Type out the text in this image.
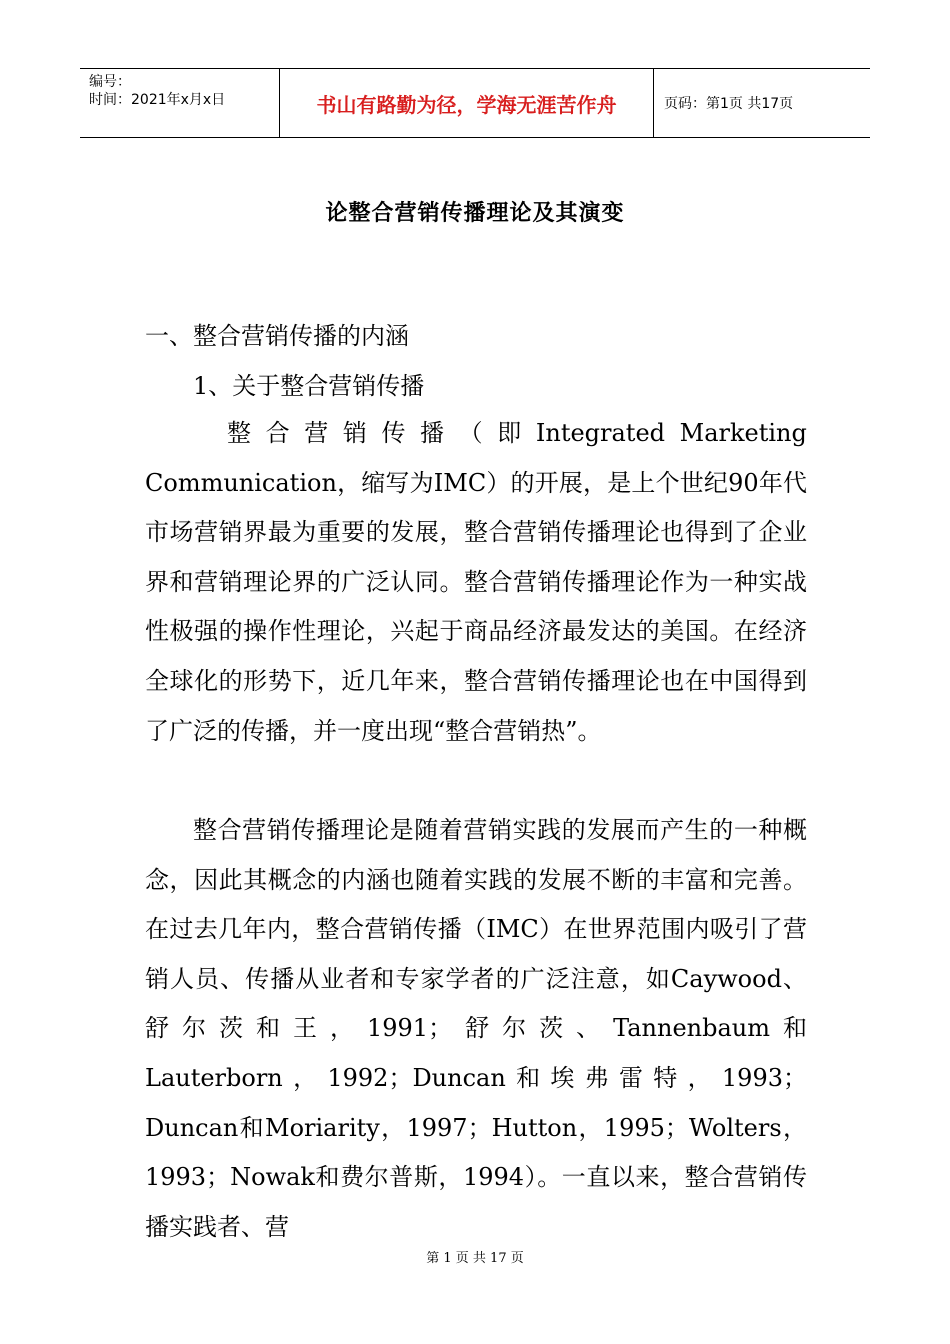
编号：
时间：2021年x月x日	书山有路勤为径，学海无涯苦作舟	页码：第1页 共17页
论整合营销传播理论及其演变
一、整合营销传播的内涵
1、关于整合营销传播
整 合 营 销 传 播 （ 即 Integrated Marketing
Communication，缩写为IMC）的开展，是上个世纪90年代市场营销界最为重要的发展，整合营销传播理论也得到了企业界和营销理论界的广泛认同。整合营销传播理论作为一种实战性极强的操作性理论，兴起于商品经济最发达的美国。在经济全球化的形势下，近几年来，整合营销传播理论也在中国得到了广泛的传播，并一度出现“整合营销热”。
整合营销传播理论是随着营销实践的发展而产生的一种概念，因此其概念的内涵也随着实践的发展不断的丰富和完善。在过去几年内，整合营销传播（IMC）在世界范围内吸引了营销人员、传播从业者和专家学者的广泛注意，如Caywood、舒尔茨和王，1991；舒尔茨、Tannenbaum和Lauterborn，1992；Duncan和埃弗雷特，1993；Duncan和Moriarity，1997；Hutton，1995；Wolters，1993；Nowak和费尔普斯，1994）。一直以来，整合营销传播实践者、营
第 1 页 共 17 页
